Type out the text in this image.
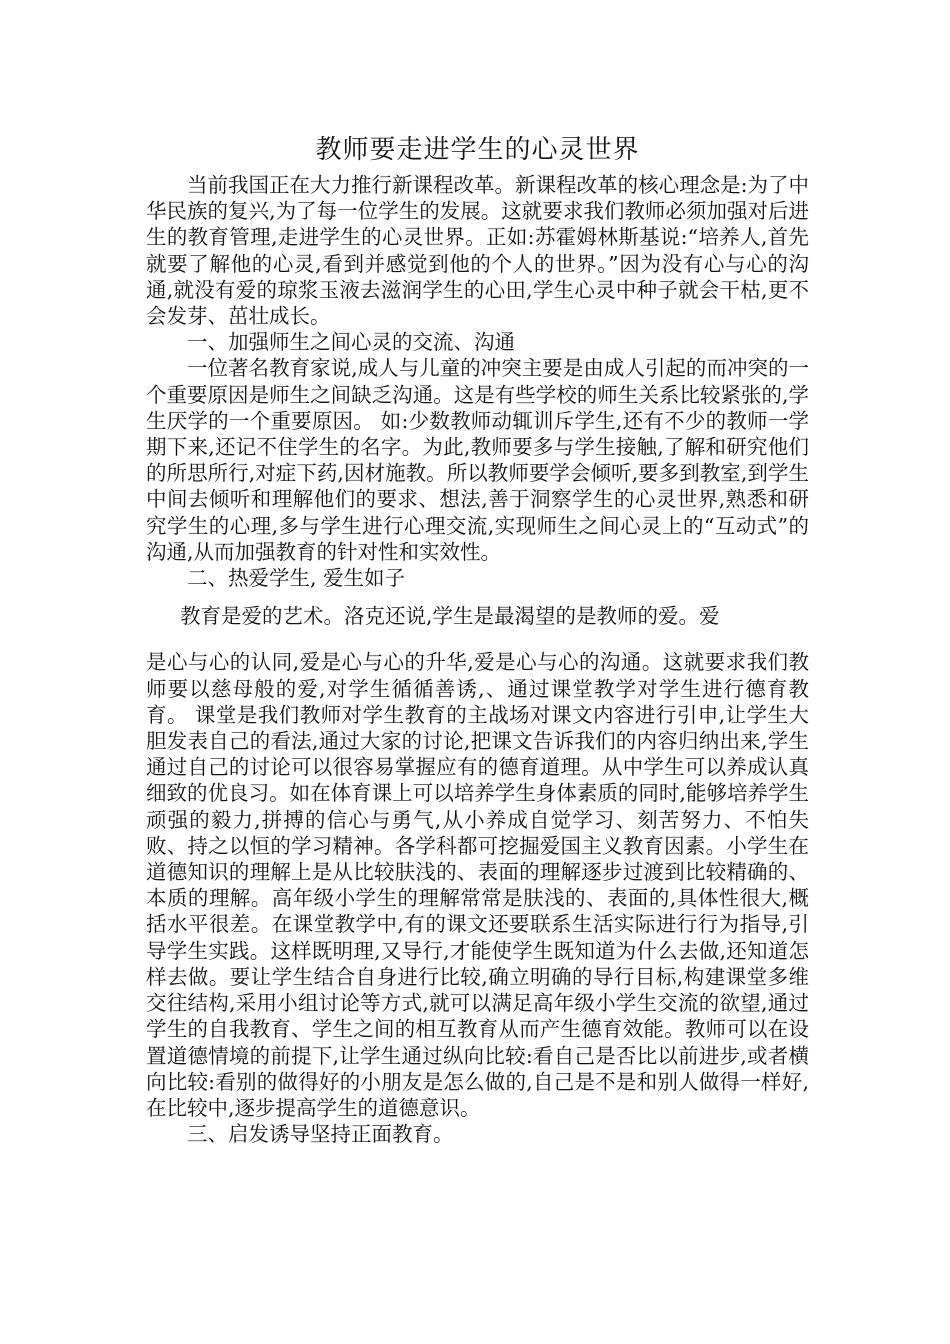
教师要走进学生的心灵世界

当前我国正在大力推行新课程改革。新课程改革的核心理念是:为了中华民族的复兴,为了每一位学生的发展。这就要求我们教师必须加强对后进生的教育管理,走进学生的心灵世界。正如:苏霍姆林斯基说:“培养人,首先就要了解他的心灵,看到并感觉到他的个人的世界。”因为没有心与心的沟通,就没有爱的琼浆玉液去滋润学生的心田,学生心灵中种子就会干枯,更不会发芽、茁壮成长。

一、加强师生之间心灵的交流、沟通

一位著名教育家说,成人与儿童的冲突主要是由成人引起的而冲突的一个重要原因是师生之间缺乏沟通。这是有些学校的师生关系比较紧张的,学生厌学的一个重要原因。 如:少数教师动辄训斥学生,还有不少的教师一学期下来,还记不住学生的名字。为此,教师要多与学生接触,了解和研究他们的所思所行,对症下药,因材施教。所以教师要学会倾听,要多到教室,到学生中间去倾听和理解他们的要求、想法,善于洞察学生的心灵世界,熟悉和研究学生的心理,多与学生进行心理交流,实现师生之间心灵上的“互动式”的沟通,从而加强教育的针对性和实效性。

二、热爱学生, 爱生如子

教育是爱的艺术。洛克还说,学生是最渴望的是教师的爱。爱
是心与心的认同,爱是心与心的升华,爱是心与心的沟通。这就要求我们教师要以慈母般的爱,对学生循循善诱,、通过课堂教学对学生进行德育教育。 课堂是我们教师对学生教育的主战场对课文内容进行引申,让学生大胆发表自己的看法,通过大家的讨论,把课文告诉我们的内容归纳出来,学生通过自己的讨论可以很容易掌握应有的德育道理。从中学生可以养成认真细致的优良习。如在体育课上可以培养学生身体素质的同时,能够培养学生顽强的毅力,拼搏的信心与勇气,从小养成自觉学习、刻苦努力、不怕失败、持之以恒的学习精神。各学科都可挖掘爱国主义教育因素。小学生在道德知识的理解上是从比较肤浅的、表面的理解逐步过渡到比较精确的、本质的理解。高年级小学生的理解常常是肤浅的、表面的,具体性很大,概括水平很差。在课堂教学中,有的课文还要联系生活实际进行行为指导,引导学生实践。这样既明理,又导行,才能使学生既知道为什么去做,还知道怎样去做。要让学生结合自身进行比较,确立明确的导行目标,构建课堂多维交往结构,采用小组讨论等方式,就可以满足高年级小学生交流的欲望,通过学生的自我教育、学生之间的相互教育从而产生德育效能。教师可以在设置道德情境的前提下,让学生通过纵向比较:看自己是否比以前进步,或者横向比较:看别的做得好的小朋友是怎么做的,自己是不是和别人做得一样好,在比较中,逐步提高学生的道德意识。

三、启发诱导坚持正面教育。
